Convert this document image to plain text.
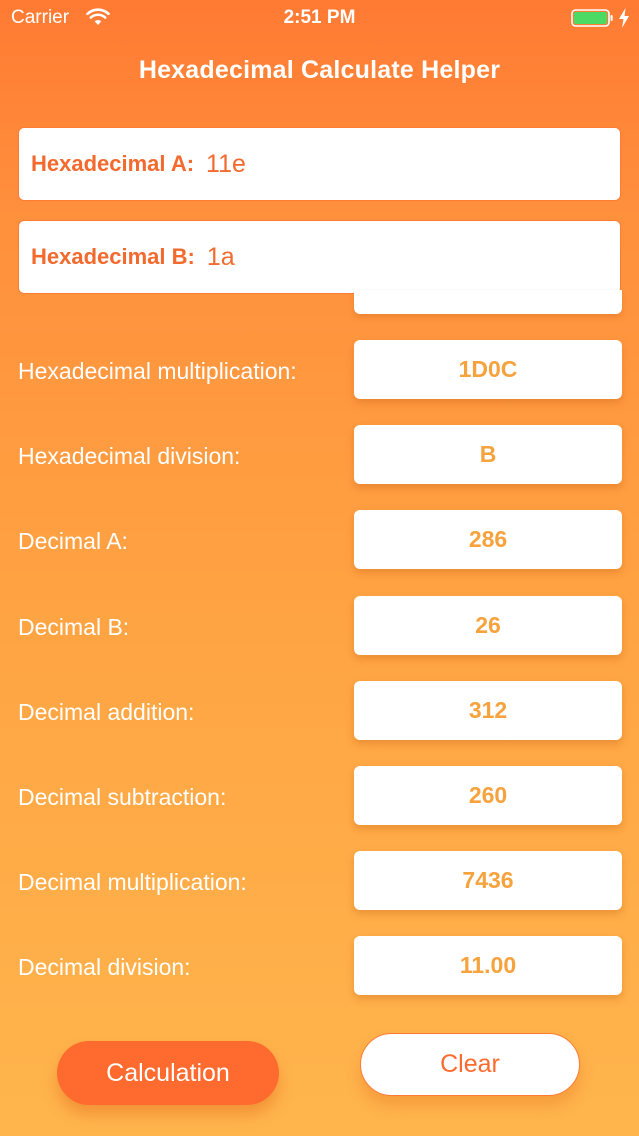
Carrier	2:51 PM
Hexadecimal Calculate Helper
Hexadecimal A:
11e
Hexadecimal B:
1a
Hexadecimal multiplication:	1D0C
Hexadecimal division:	B
Decimal A:	286
Decimal B:	26
Decimal addition:	312
Decimal subtraction:	260
Decimal multiplication:	7436
Decimal division:	11.00
Calculation	Clear
